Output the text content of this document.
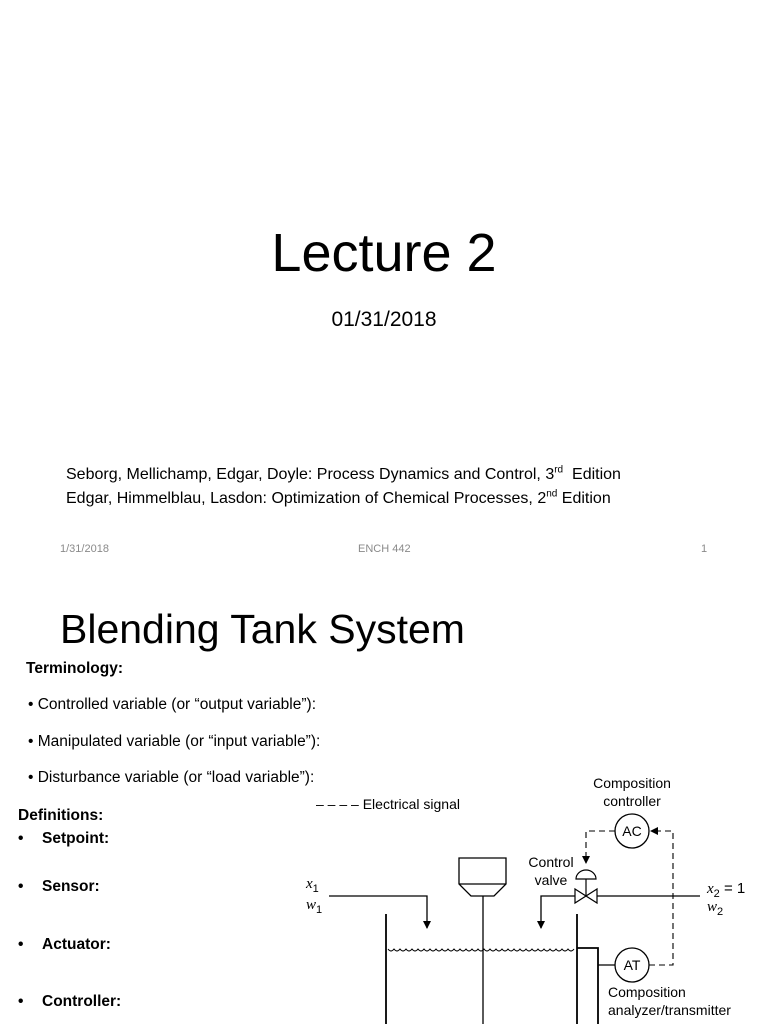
Lecture 2
01/31/2018
Seborg, Mellichamp, Edgar, Doyle: Process Dynamics and Control, 3rd  Edition
Edgar, Himmelblau, Lasdon: Optimization of Chemical Processes, 2nd Edition
1/31/2018	ENCH 442	1
Blending Tank System
Terminology:
• Controlled variable (or “output variable”):
• Manipulated variable (or “input variable”):
• Disturbance variable (or “load variable”):
Definitions:
• Setpoint:
• Sensor:
• Actuator:
• Controller:
– – – – Electrical signal
Composition
controller
AC
Control
valve
$x_2 = 1$
$w_2$
$x_1$
$w_1$
AT
Composition
analyzer/transmitter
